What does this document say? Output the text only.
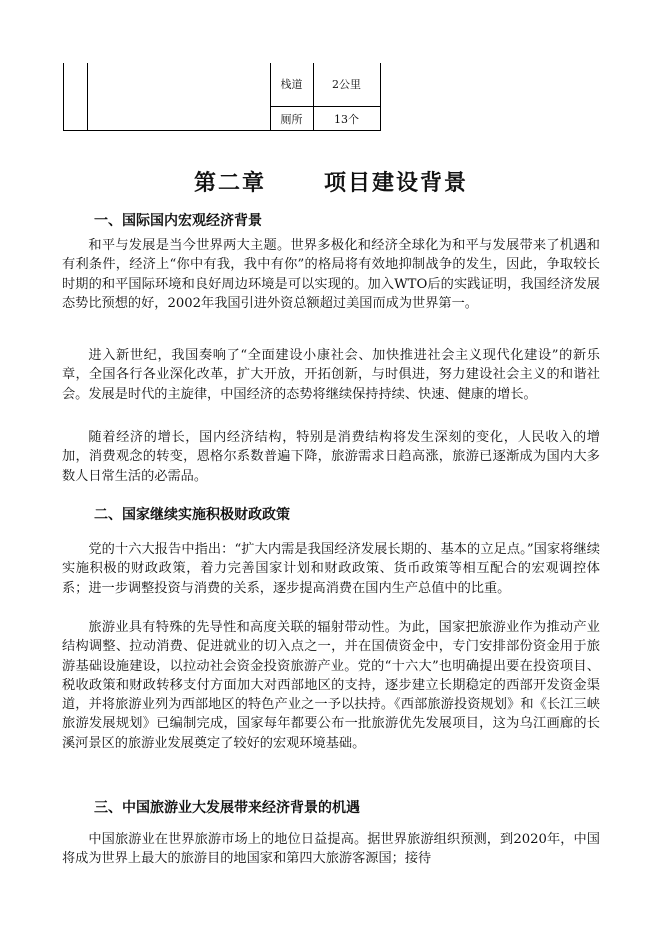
栈道	2公里
厕所	13个
第二章	项目建设背景
一、国际国内宏观经济背景

和平与发展是当今世界两大主题。世界多极化和经济全球化为和平与发展带来了机遇和有利条件，经济上“你中有我，我中有你”的格局将有效地抑制战争的发生，因此，争取较长时期的和平国际环境和良好周边环境是可以实现的。加入WTO后的实践证明，我国经济发展态势比预想的好，2002年我国引进外资总额超过美国而成为世界第一。

进入新世纪，我国奏响了“全面建设小康社会、加快推进社会主义现代化建设”的新乐章，全国各行各业深化改革，扩大开放，开拓创新，与时俱进，努力建设社会主义的和谐社会。发展是时代的主旋律，中国经济的态势将继续保持持续、快速、健康的增长。

随着经济的增长，国内经济结构，特别是消费结构将发生深刻的变化，人民收入的增加，消费观念的转变，恩格尔系数普遍下降，旅游需求日趋高涨，旅游已逐渐成为国内大多数人日常生活的必需品。

二、国家继续实施积极财政政策

党的十六大报告中指出：“扩大内需是我国经济发展长期的、基本的立足点。”国家将继续实施积极的财政政策，着力完善国家计划和财政政策、货币政策等相互配合的宏观调控体系；进一步调整投资与消费的关系，逐步提高消费在国内生产总值中的比重。

旅游业具有特殊的先导性和高度关联的辐射带动性。为此，国家把旅游业作为推动产业结构调整、拉动消费、促进就业的切入点之一，并在国债资金中，专门安排部份资金用于旅游基础设施建设，以拉动社会资金投资旅游产业。党的“十六大”也明确提出要在投资项目、税收政策和财政转移支付方面加大对西部地区的支持，逐步建立长期稳定的西部开发资金渠道，并将旅游业列为西部地区的特色产业之一予以扶持。《西部旅游投资规划》和《长江三峡旅游发展规划》已编制完成，国家每年都要公布一批旅游优先发展项目，这为乌江画廊的长溪河景区的旅游业发展奠定了较好的宏观环境基础。

三、中国旅游业大发展带来经济背景的机遇

中国旅游业在世界旅游市场上的地位日益提高。据世界旅游组织预测，到2020年，中国将成为世界上最大的旅游目的地国家和第四大旅游客源国；接待
